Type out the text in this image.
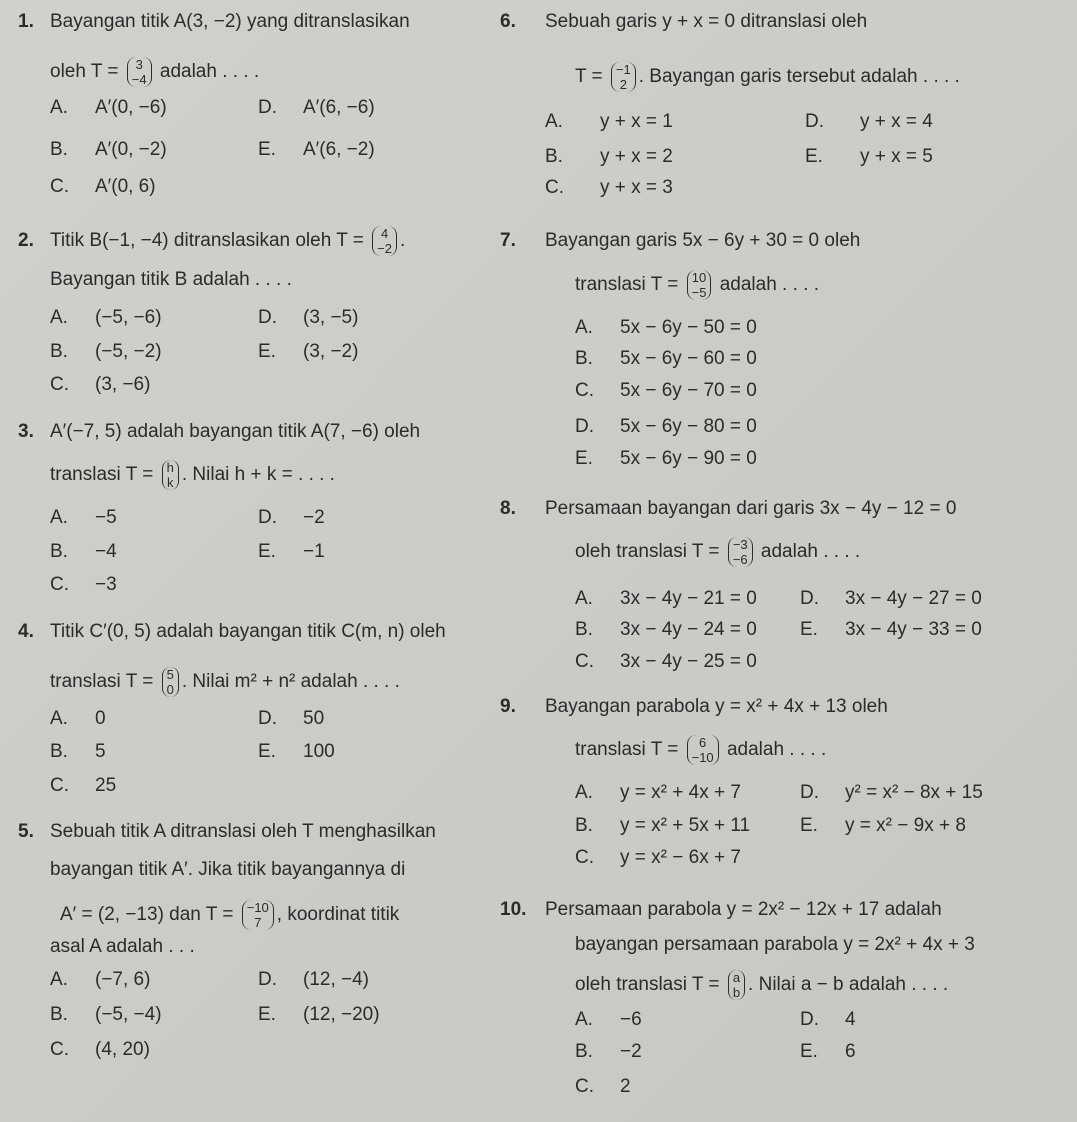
1. Bayangan titik A(3, −2) yang ditranslasikan
oleh T = 3
−4 adalah . . . .
A. A′(0, −6)
B. A′(0, −2)
C. A′(0, 6)
D. A′(6, −6)
E. A′(6, −2)
2. Titik B(−1, −4) ditranslasikan oleh T = 4
−2 .
Bayangan titik B adalah . . . .
A. (−5, −6)
B. (−5, −2)
C. (3, −6)
D. (3, −5)
E. (3, −2)
3. A′(−7, 5) adalah bayangan titik A(7, −6) oleh
translasi T = h
k . Nilai h + k = . . . .
A. −5
B. −4
C. −3
D. −2
E. −1
4. Titik C′(0, 5) adalah bayangan titik C(m, n) oleh
translasi T = 5
0 . Nilai m² + n² adalah . . . .
A. 0
B. 5
C. 25
D. 50
E. 100
5. Sebuah titik A ditranslasi oleh T menghasilkan
bayangan titik A′. Jika titik bayangannya di
A′ = (2, −13) dan T = −10
7 , koordinat titik
asal A adalah . . .
A. (−7, 6)
B. (−5, −4)
C. (4, 20)
D. (12, −4)
E. (12, −20)
6. Sebuah garis y + x = 0 ditranslasi oleh
T = −1
2 . Bayangan garis tersebut adalah . . . .
A. y + x = 1
B. y + x = 2
C. y + x = 3
D. y + x = 4
E. y + x = 5
7. Bayangan garis 5x − 6y + 30 = 0 oleh
translasi T = 10
−5 adalah . . . .
A. 5x − 6y − 50 = 0
B. 5x − 6y − 60 = 0
C. 5x − 6y − 70 = 0
D. 5x − 6y − 80 = 0
E. 5x − 6y − 90 = 0
8. Persamaan bayangan dari garis 3x − 4y − 12 = 0
oleh translasi T = −3
−6 adalah . . . .
A. 3x − 4y − 21 = 0
B. 3x − 4y − 24 = 0
C. 3x − 4y − 25 = 0
D. 3x − 4y − 27 = 0
E. 3x − 4y − 33 = 0
9. Bayangan parabola y = x² + 4x + 13 oleh
translasi T = 6
−10 adalah . . . .
A. y = x² + 4x + 7
B. y = x² + 5x + 11
C. y = x² − 6x + 7
D. y² = x² − 8x + 15
E. y = x² − 9x + 8
10. Persamaan parabola y = 2x² − 12x + 17 adalah
bayangan persamaan parabola y = 2x² + 4x + 3
oleh translasi T = a
b . Nilai a − b adalah . . . .
A. −6
B. −2
C. 2
D. 4
E. 6
